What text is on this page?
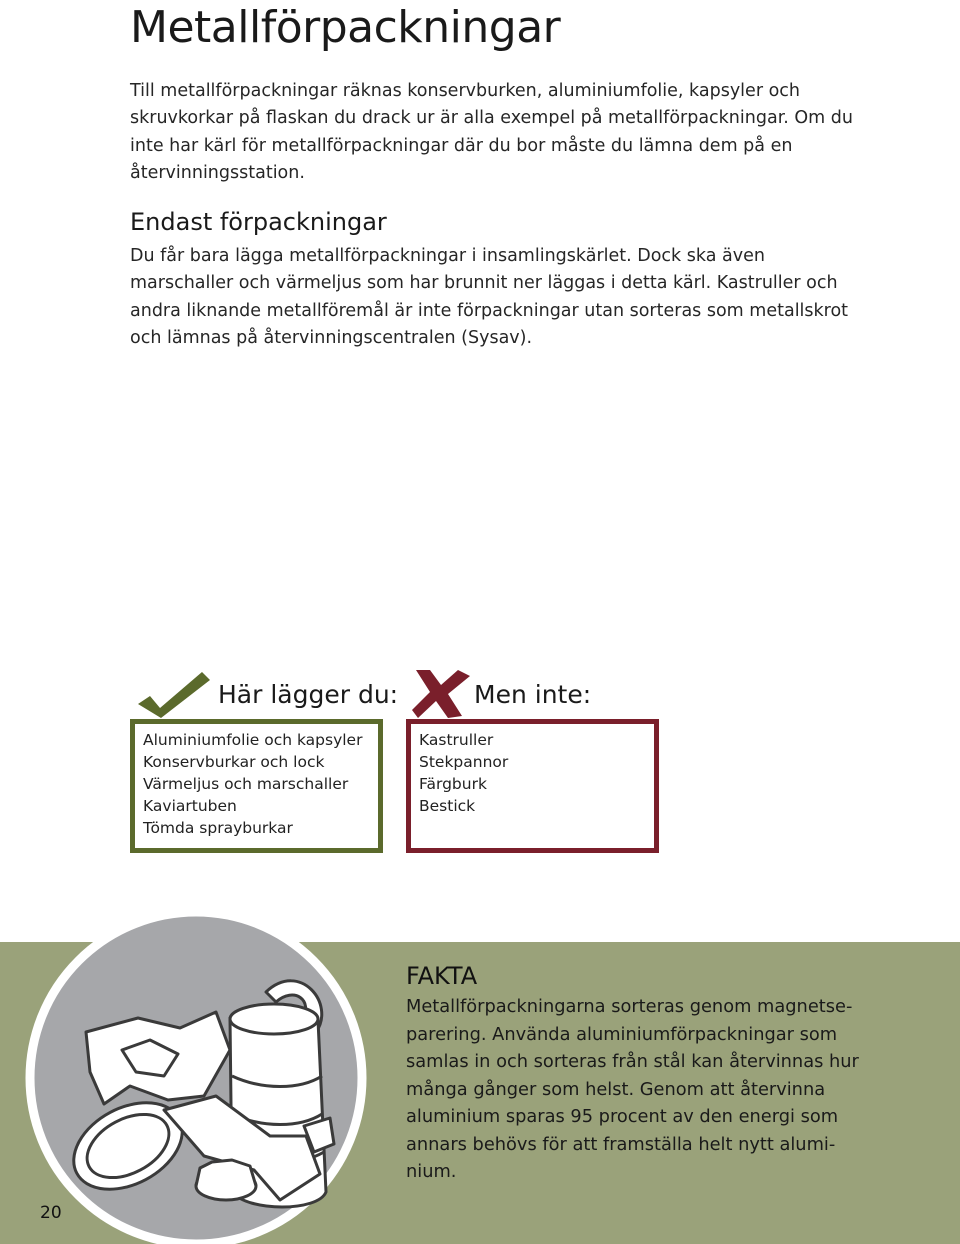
Metallförpackningar

Till metallförpackningar räknas konservburken, aluminiumfolie, kapsyler och skruvkorkar på flaskan du drack ur är alla exempel på metallförpackningar. Om du inte har kärl för metallförpackningar där du bor måste du lämna dem på en återvinningsstation.

Endast förpackningar

Du får bara lägga metallförpackningar i insamlingskärlet. Dock ska även marschaller och värmeljus som har brunnit ner läggas i detta kärl. Kastruller och andra liknande metallföremål är inte förpackningar utan sorteras som metallskrot och lämnas på återvinningscentralen (Sysav).

Här lägger du:
Aluminiumfolie och kapsyler
Konservburkar och lock
Värmeljus och marschaller
Kaviartuben
Tömda sprayburkar
Men inte:
Kastruller
Stekpannor
Färgburk
Bestick
FAKTA

Metallförpackningarna sorteras genom magnetse-

parering. Använda aluminiumförpackningar som

samlas in och sorteras från stål kan återvinnas hur

många gånger som helst. Genom att återvinna

aluminium sparas 95 procent av den energi som

annars behövs för att framställa helt nytt alumi-

nium.

20
